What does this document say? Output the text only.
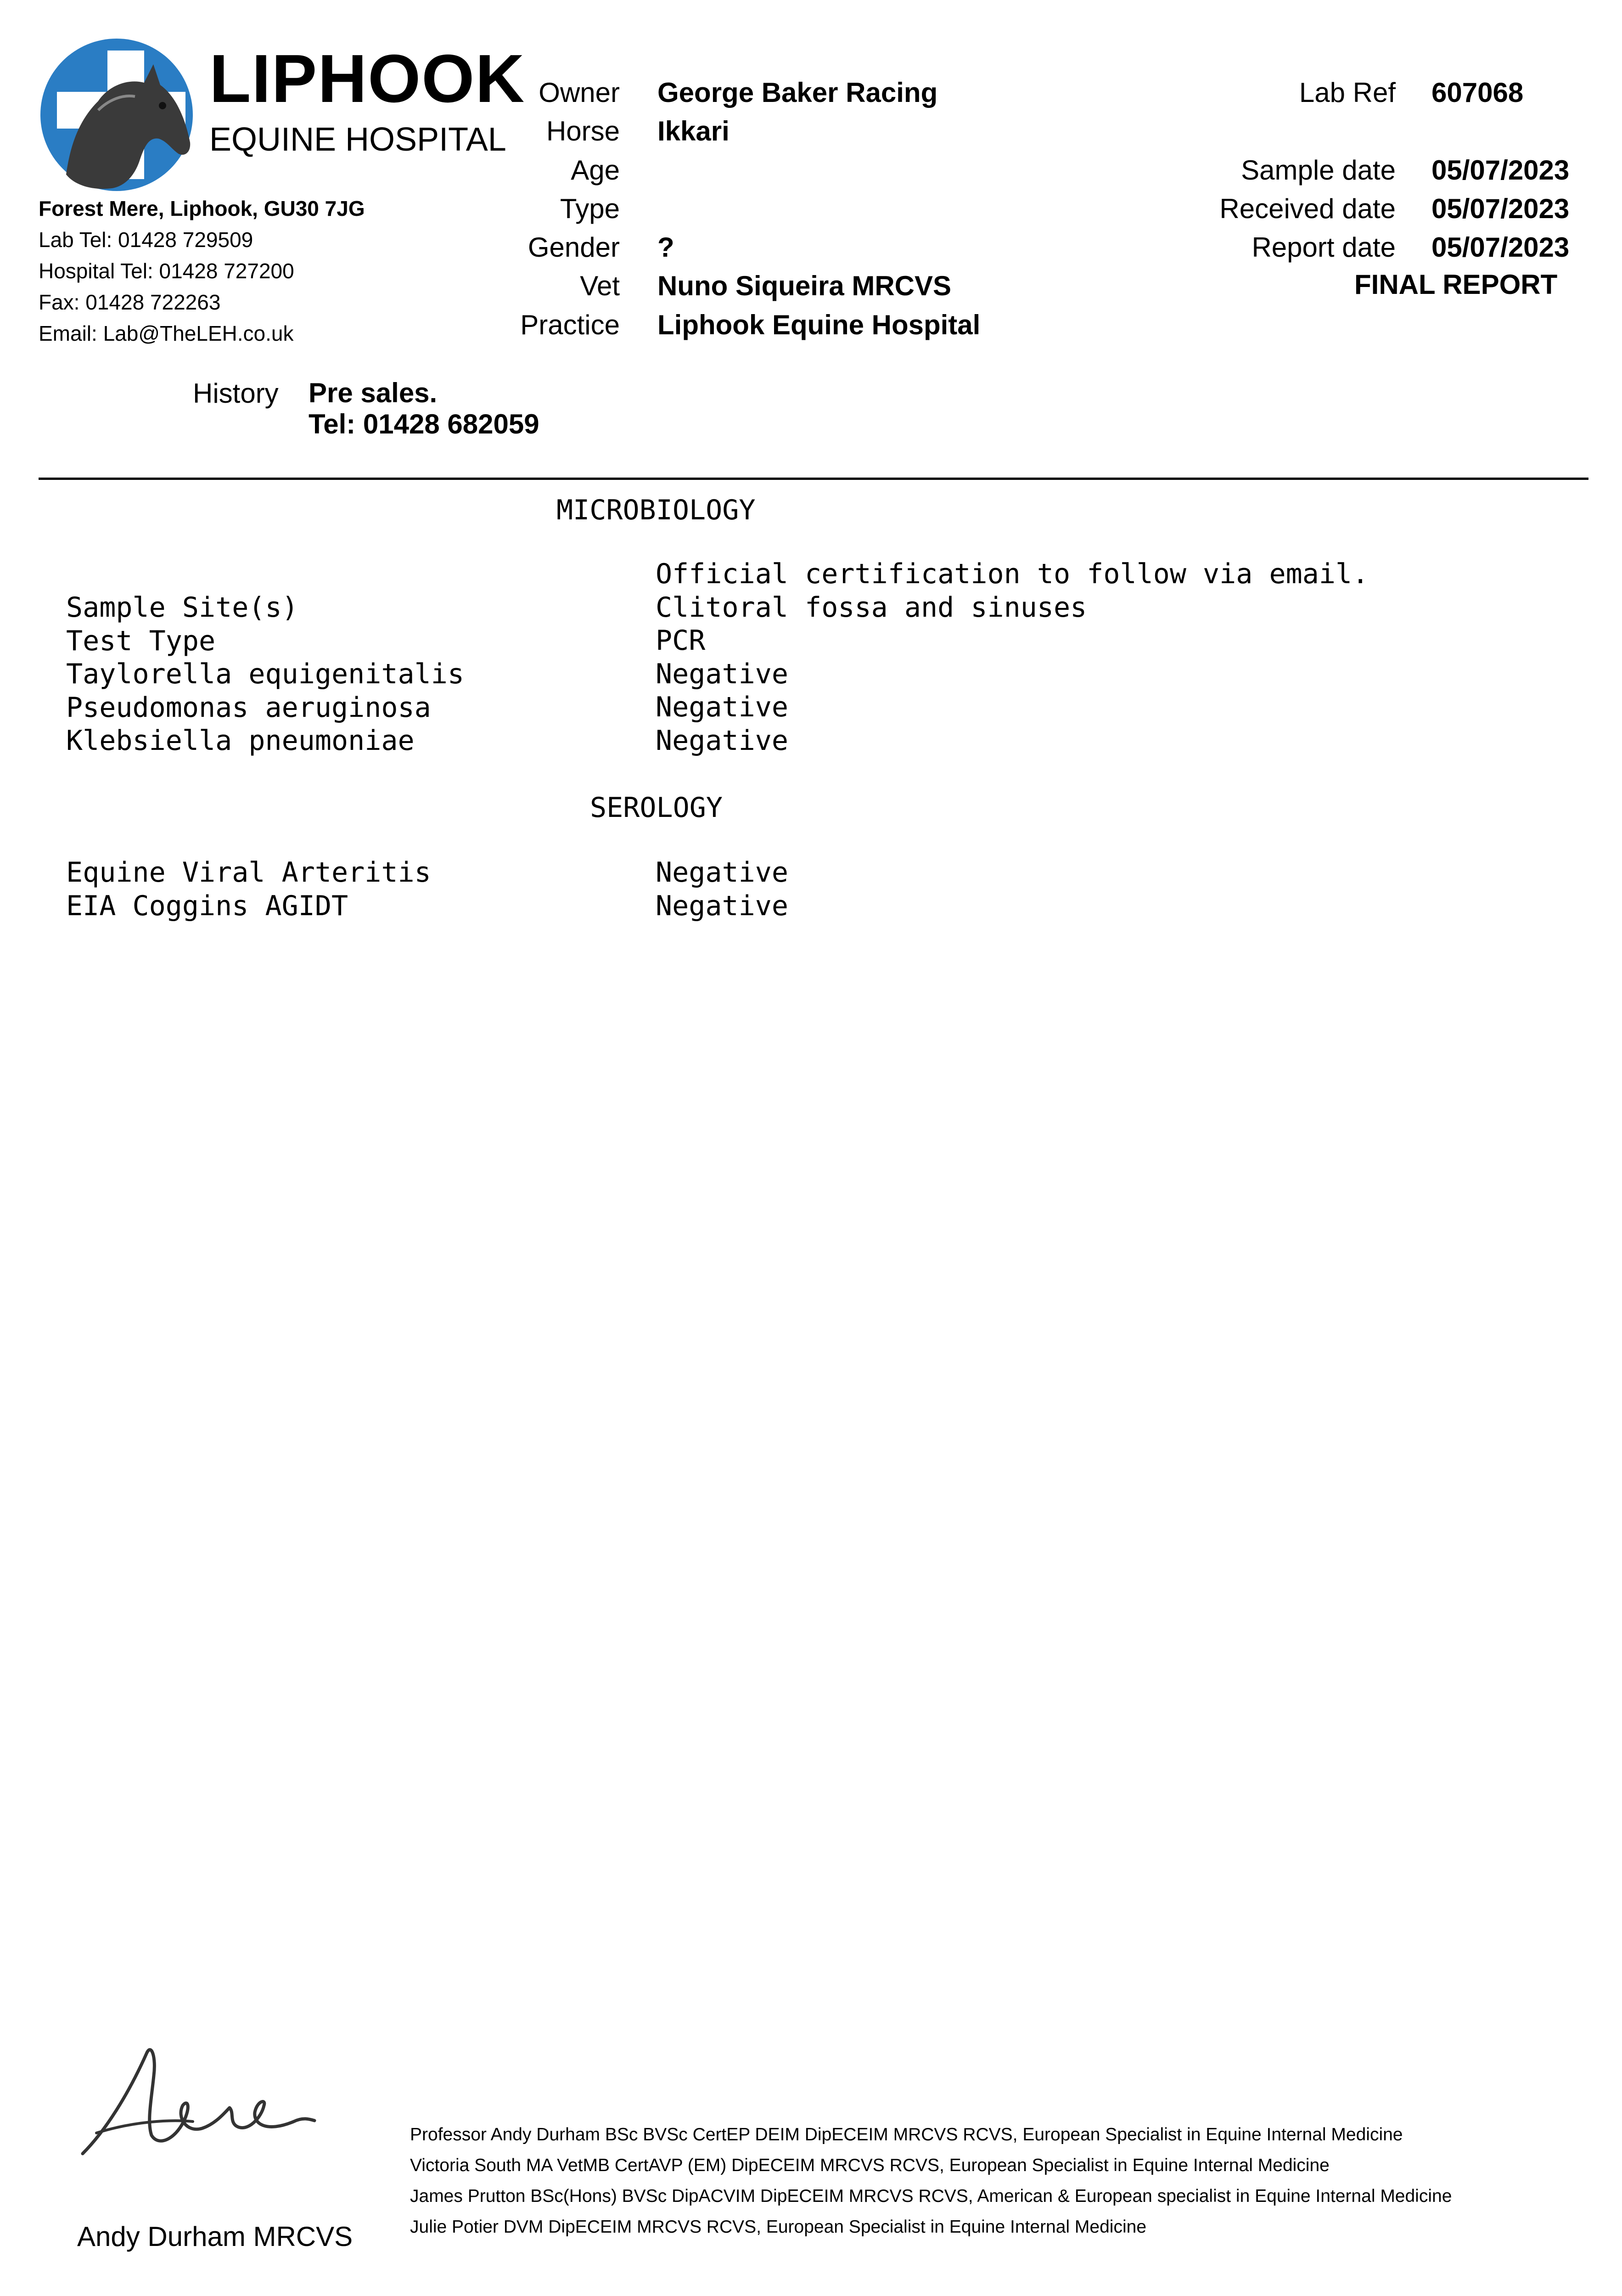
LIPHOOK
EQUINE HOSPITAL
Forest Mere, Liphook, GU30 7JG
Lab Tel: 01428 729509
Hospital Tel: 01428 727200
Fax: 01428 722263
Email: Lab@TheLEH.co.uk
Owner
Horse
Age
Type
Gender
Vet
Practice
George Baker Racing
Ikkari

?
Nuno Siqueira MRCVS
Liphook Equine Hospital
Lab Ref

Sample date
Received date
Report date
607068

05/07/2023
05/07/2023
05/07/2023
FINAL REPORT
History Pre sales.
Tel: 01428 682059
MICROBIOLOGY
Sample Site(s)
Test Type
Taylorella equigenitalis
Pseudomonas aeruginosa
Klebsiella pneumoniae
Official certification to follow via email.
Clitoral fossa and sinuses
PCR
Negative
Negative
Negative
SEROLOGY
Equine Viral Arteritis
EIA Coggins AGIDT
Negative
Negative
Andy Durham MRCVS
Professor Andy Durham BSc BVSc CertEP DEIM DipECEIM MRCVS RCVS, European Specialist in Equine Internal Medicine
Victoria South MA VetMB CertAVP (EM) DipECEIM MRCVS RCVS, European Specialist in Equine Internal Medicine
James Prutton BSc(Hons) BVSc DipACVIM DipECEIM MRCVS RCVS, American & European specialist in Equine Internal Medicine
Julie Potier DVM DipECEIM MRCVS RCVS, European Specialist in Equine Internal Medicine
